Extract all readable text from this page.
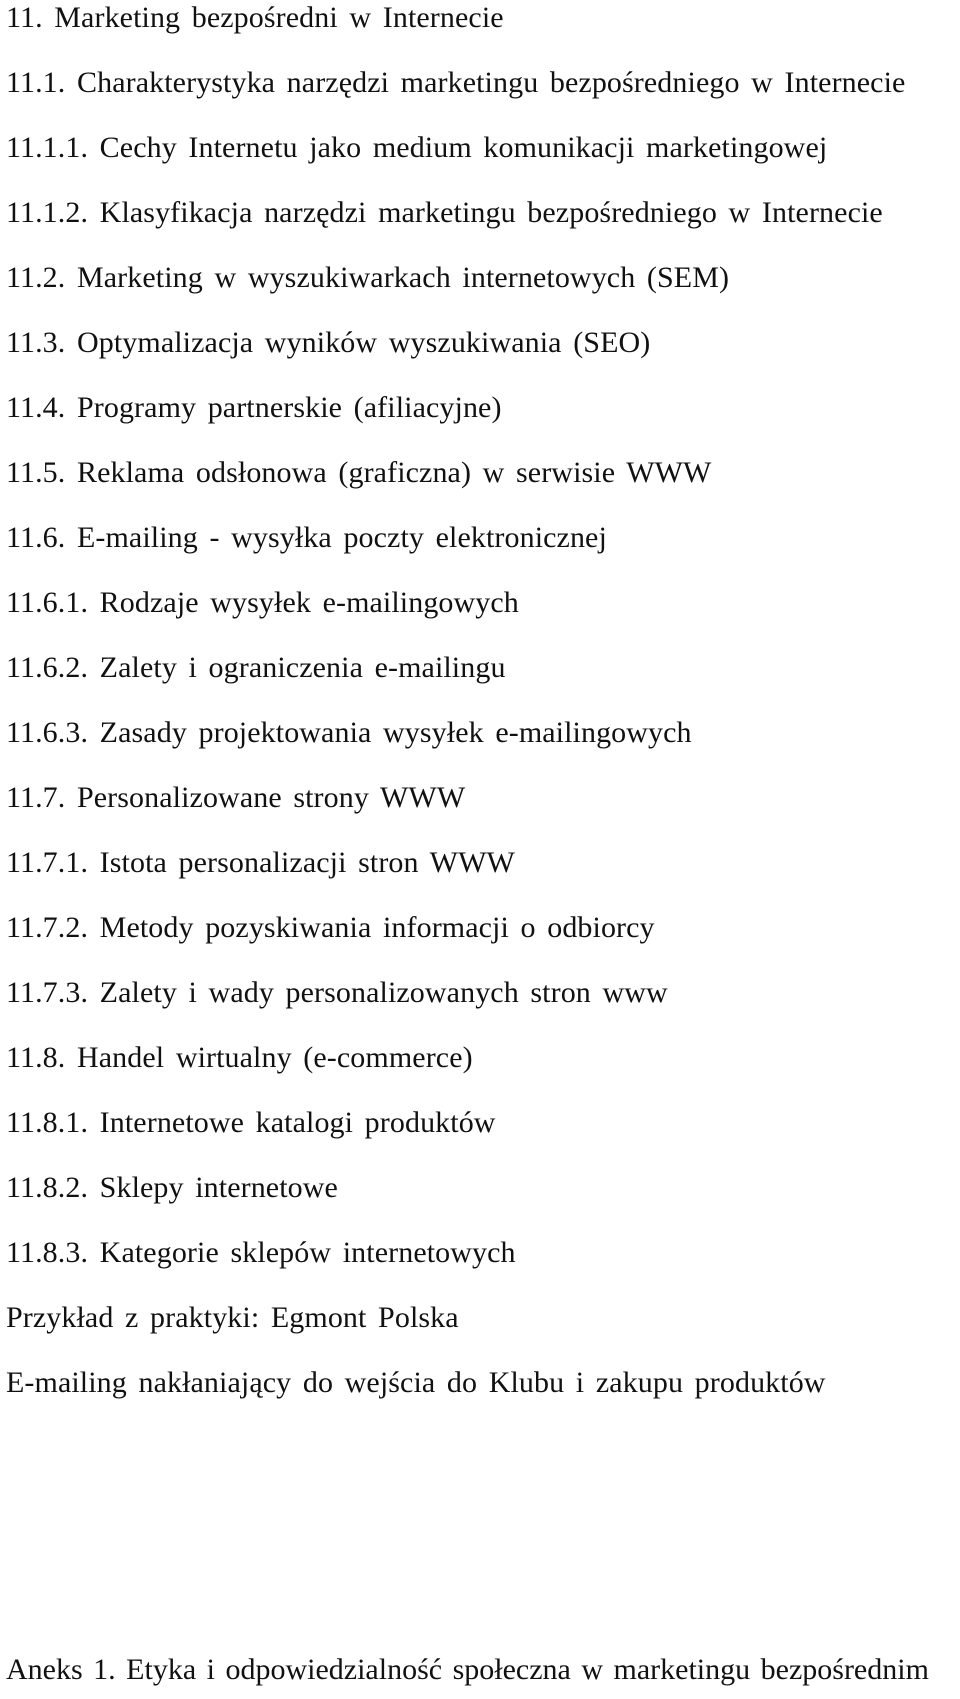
11. Marketing bezpośredni w Internecie
11.1. Charakterystyka narzędzi marketingu bezpośredniego w Internecie
11.1.1. Cechy Internetu jako medium komunikacji marketingowej
11.1.2. Klasyfikacja narzędzi marketingu bezpośredniego w Internecie
11.2. Marketing w wyszukiwarkach internetowych (SEM)
11.3. Optymalizacja wyników wyszukiwania (SEO)
11.4. Programy partnerskie (afiliacyjne)
11.5. Reklama odsłonowa (graficzna) w serwisie WWW
11.6. E-mailing - wysyłka poczty elektronicznej
11.6.1. Rodzaje wysyłek e-mailingowych
11.6.2. Zalety i ograniczenia e-mailingu
11.6.3. Zasady projektowania wysyłek e-mailingowych
11.7. Personalizowane strony WWW
11.7.1. Istota personalizacji stron WWW
11.7.2. Metody pozyskiwania informacji o odbiorcy
11.7.3. Zalety i wady personalizowanych stron www
11.8. Handel wirtualny (e-commerce)
11.8.1. Internetowe katalogi produktów
11.8.2. Sklepy internetowe
11.8.3. Kategorie sklepów internetowych
Przykład z praktyki: Egmont Polska
E-mailing nakłaniający do wejścia do Klubu i zakupu produktów
Aneks 1. Etyka i odpowiedzialność społeczna w marketingu bezpośrednim
